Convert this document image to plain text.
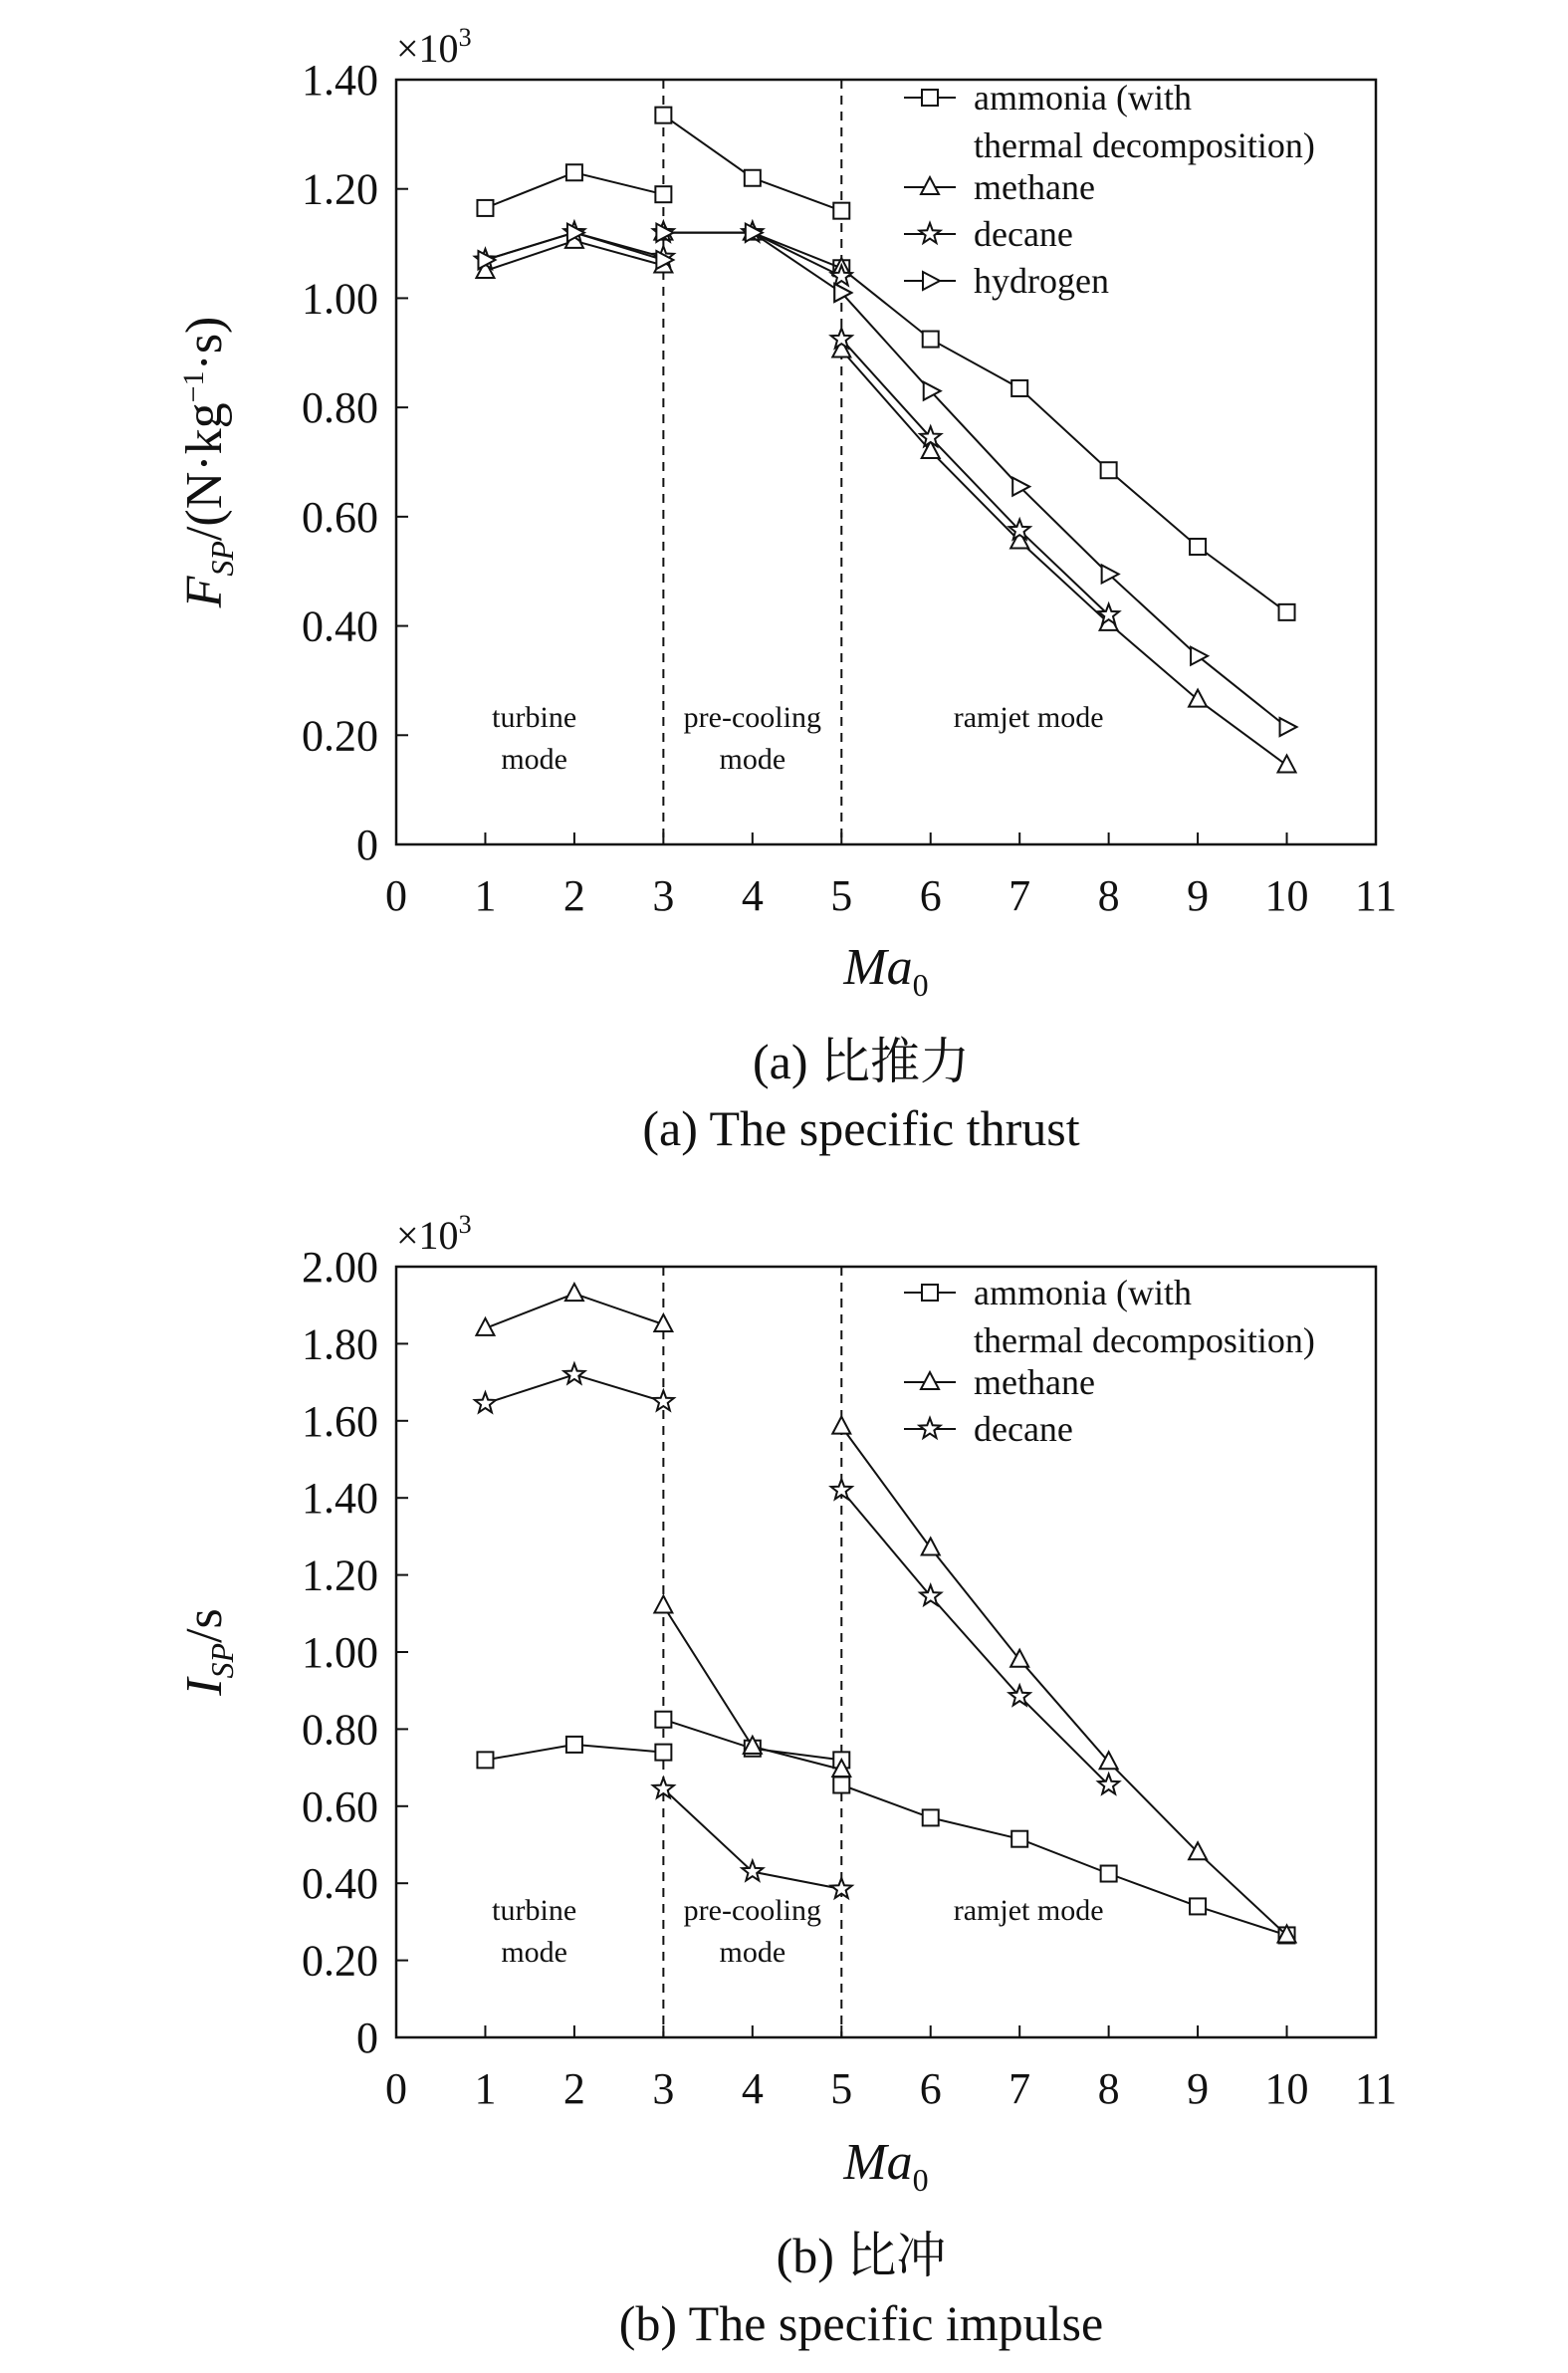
0 1 2 3 4 5 6 7 8 9 10 11
0
0.20
0.40
0.60
0.80
1.00
1.20
1.40
$\times 10^3$
turbine
mode
pre-cooling
mode
ramjet mode
ammonia (with
thermal decomposition)
methane
decane
hydrogen
$Ma_0$
$F_{SP}/(N\cdot kg^{-1}\cdot s)$
(a) 比推力
(a) The specific thrust
0 1 2 3 4 5 6 7 8 9 10 11
0
0.20
0.40
0.60
0.80
1.00
1.20
1.40
1.60
1.80
2.00
$\times 10^3$
turbine
mode
pre-cooling
mode
ramjet mode
ammonia (with
thermal decomposition)
methane
decane
$Ma_0$
$I_{SP}/s$
(b) 比冲
(b) The specific impulse
